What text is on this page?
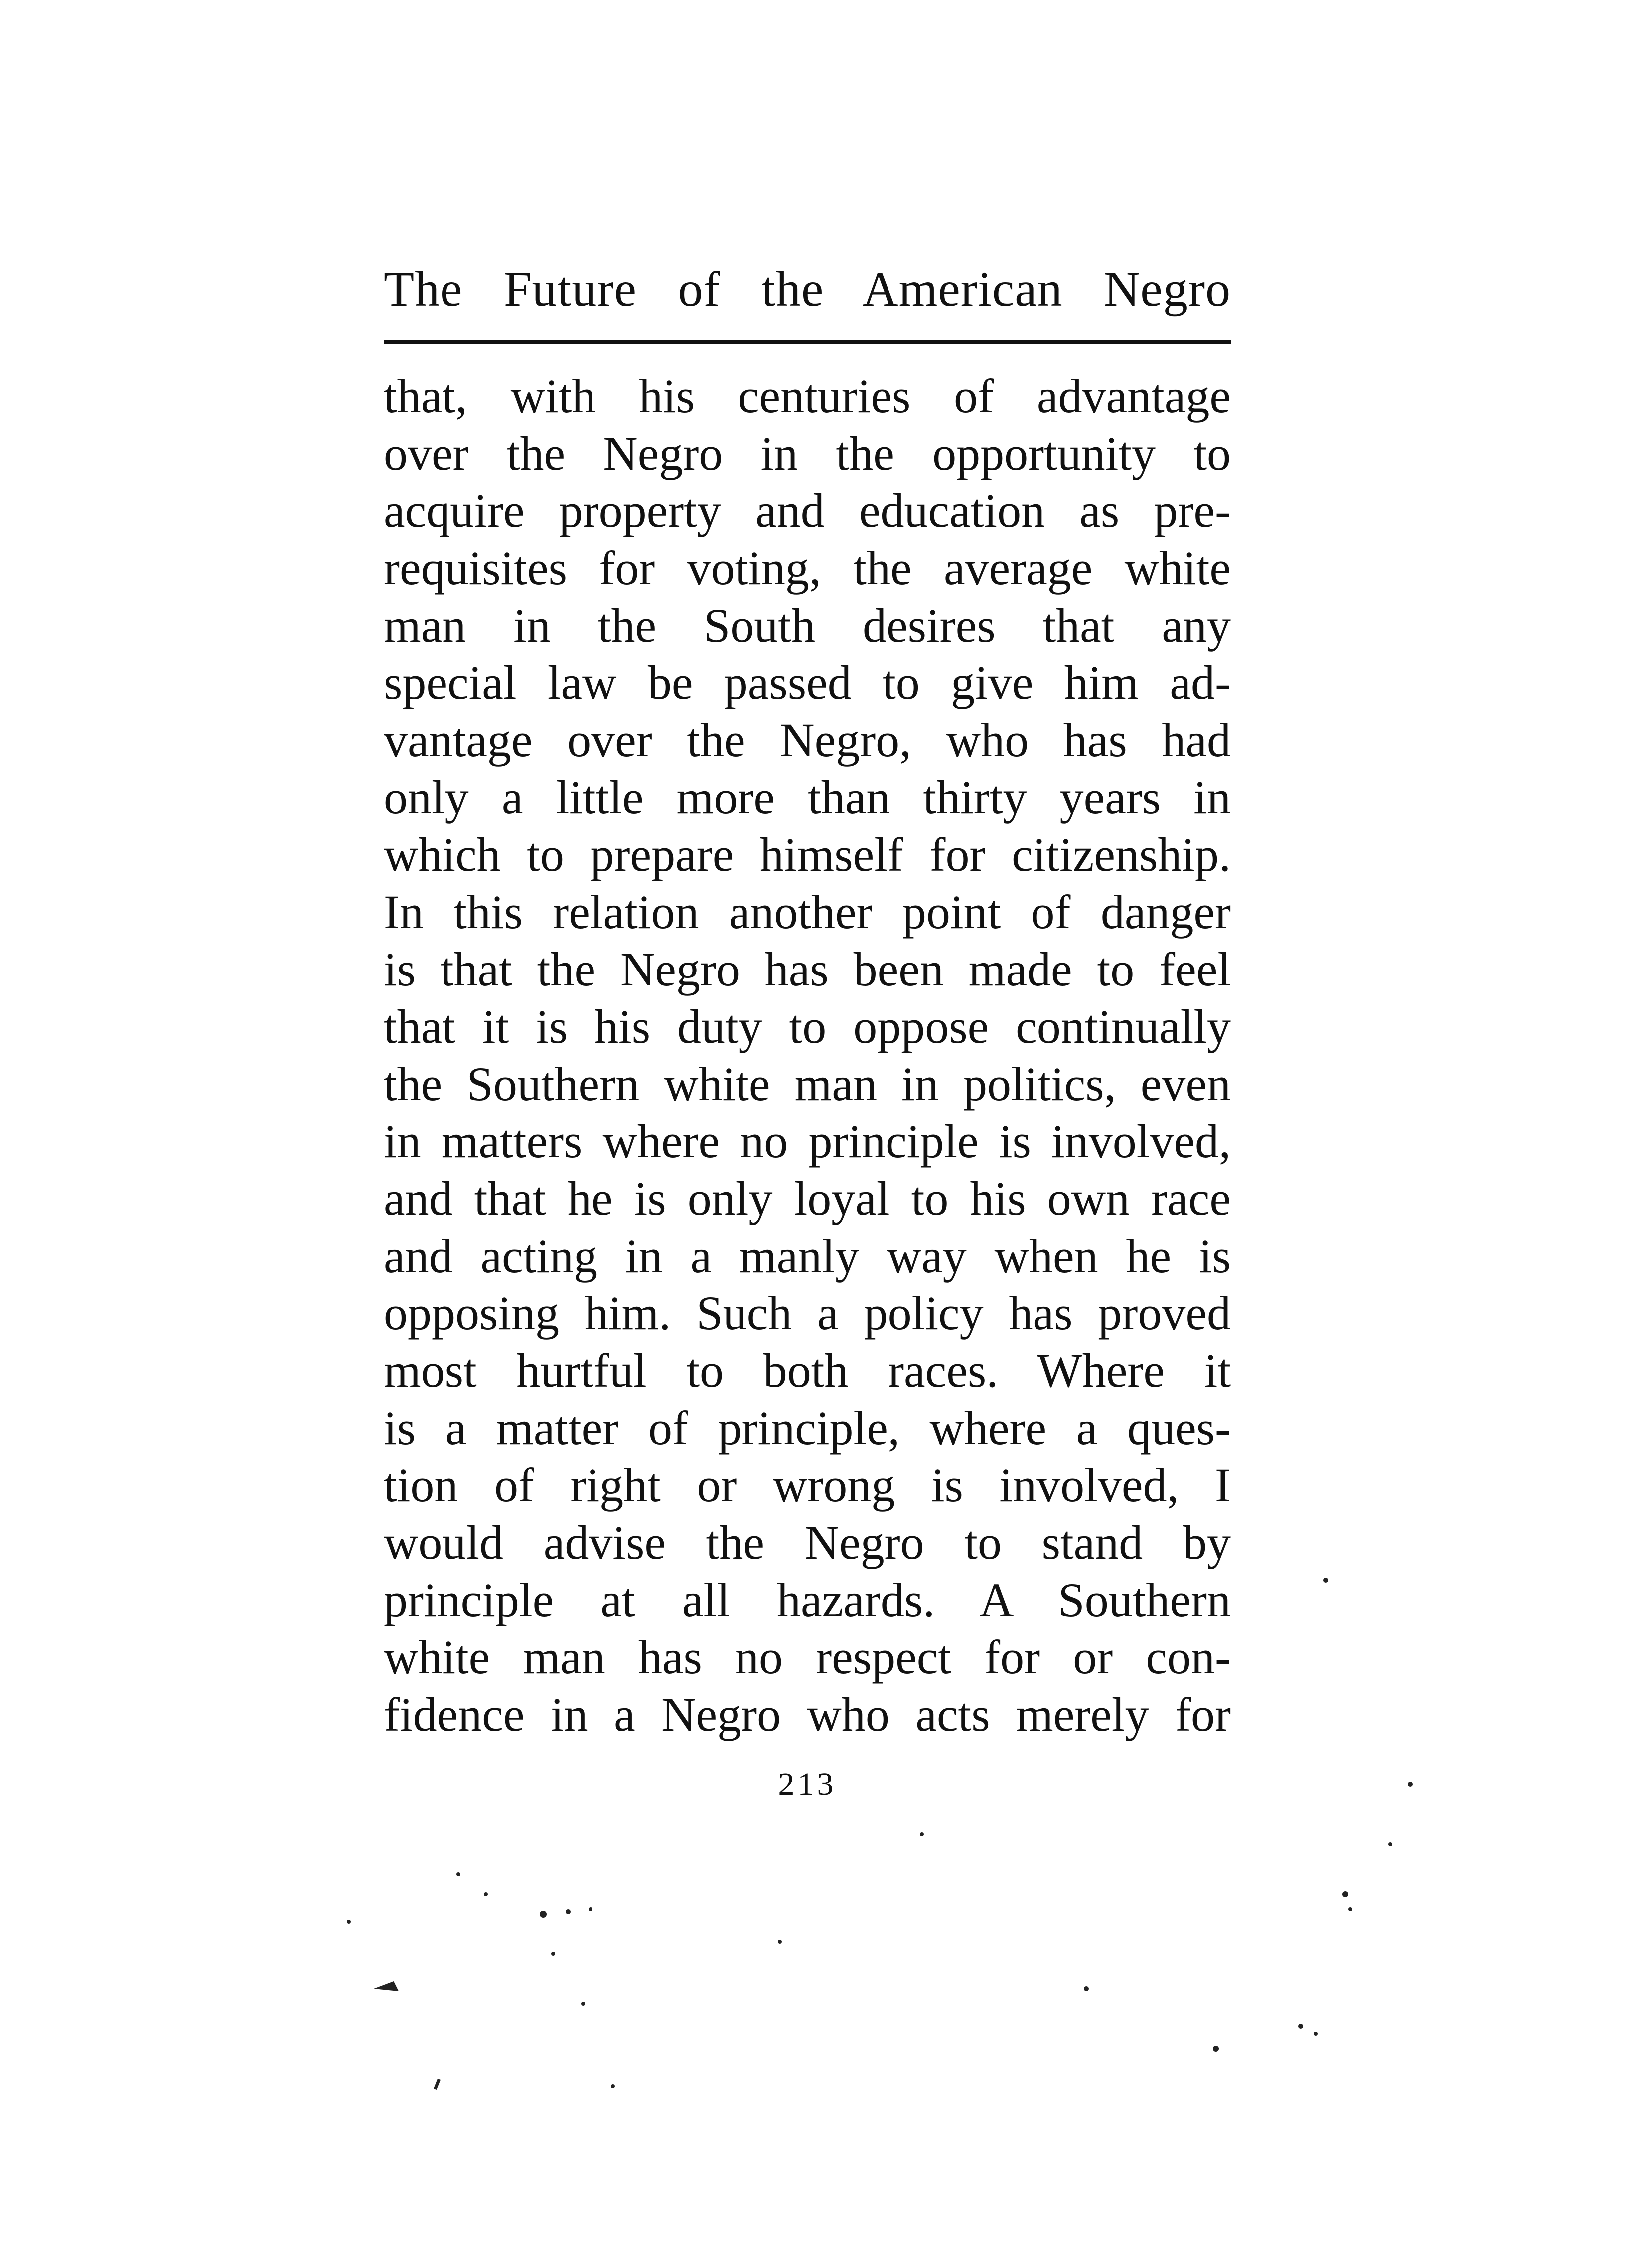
The Future of the American Negro
that, with his centuries of advantage
over the Negro in the opportunity to
acquire property and education as pre-
requisites for voting, the average white
man in the South desires that any
special law be passed to give him ad-
vantage over the Negro, who has had
only a little more than thirty years in
which to prepare himself for citizenship.
In this relation another point of danger
is that the Negro has been made to feel
that it is his duty to oppose continually
the Southern white man in politics, even
in matters where no principle is involved,
and that he is only loyal to his own race
and acting in a manly way when he is
opposing him. Such a policy has proved
most hurtful to both races. Where it
is a matter of principle, where a ques-
tion of right or wrong is involved, I
would advise the Negro to stand by
principle at all hazards. A Southern
white man has no respect for or con-
fidence in a Negro who acts merely for
213
